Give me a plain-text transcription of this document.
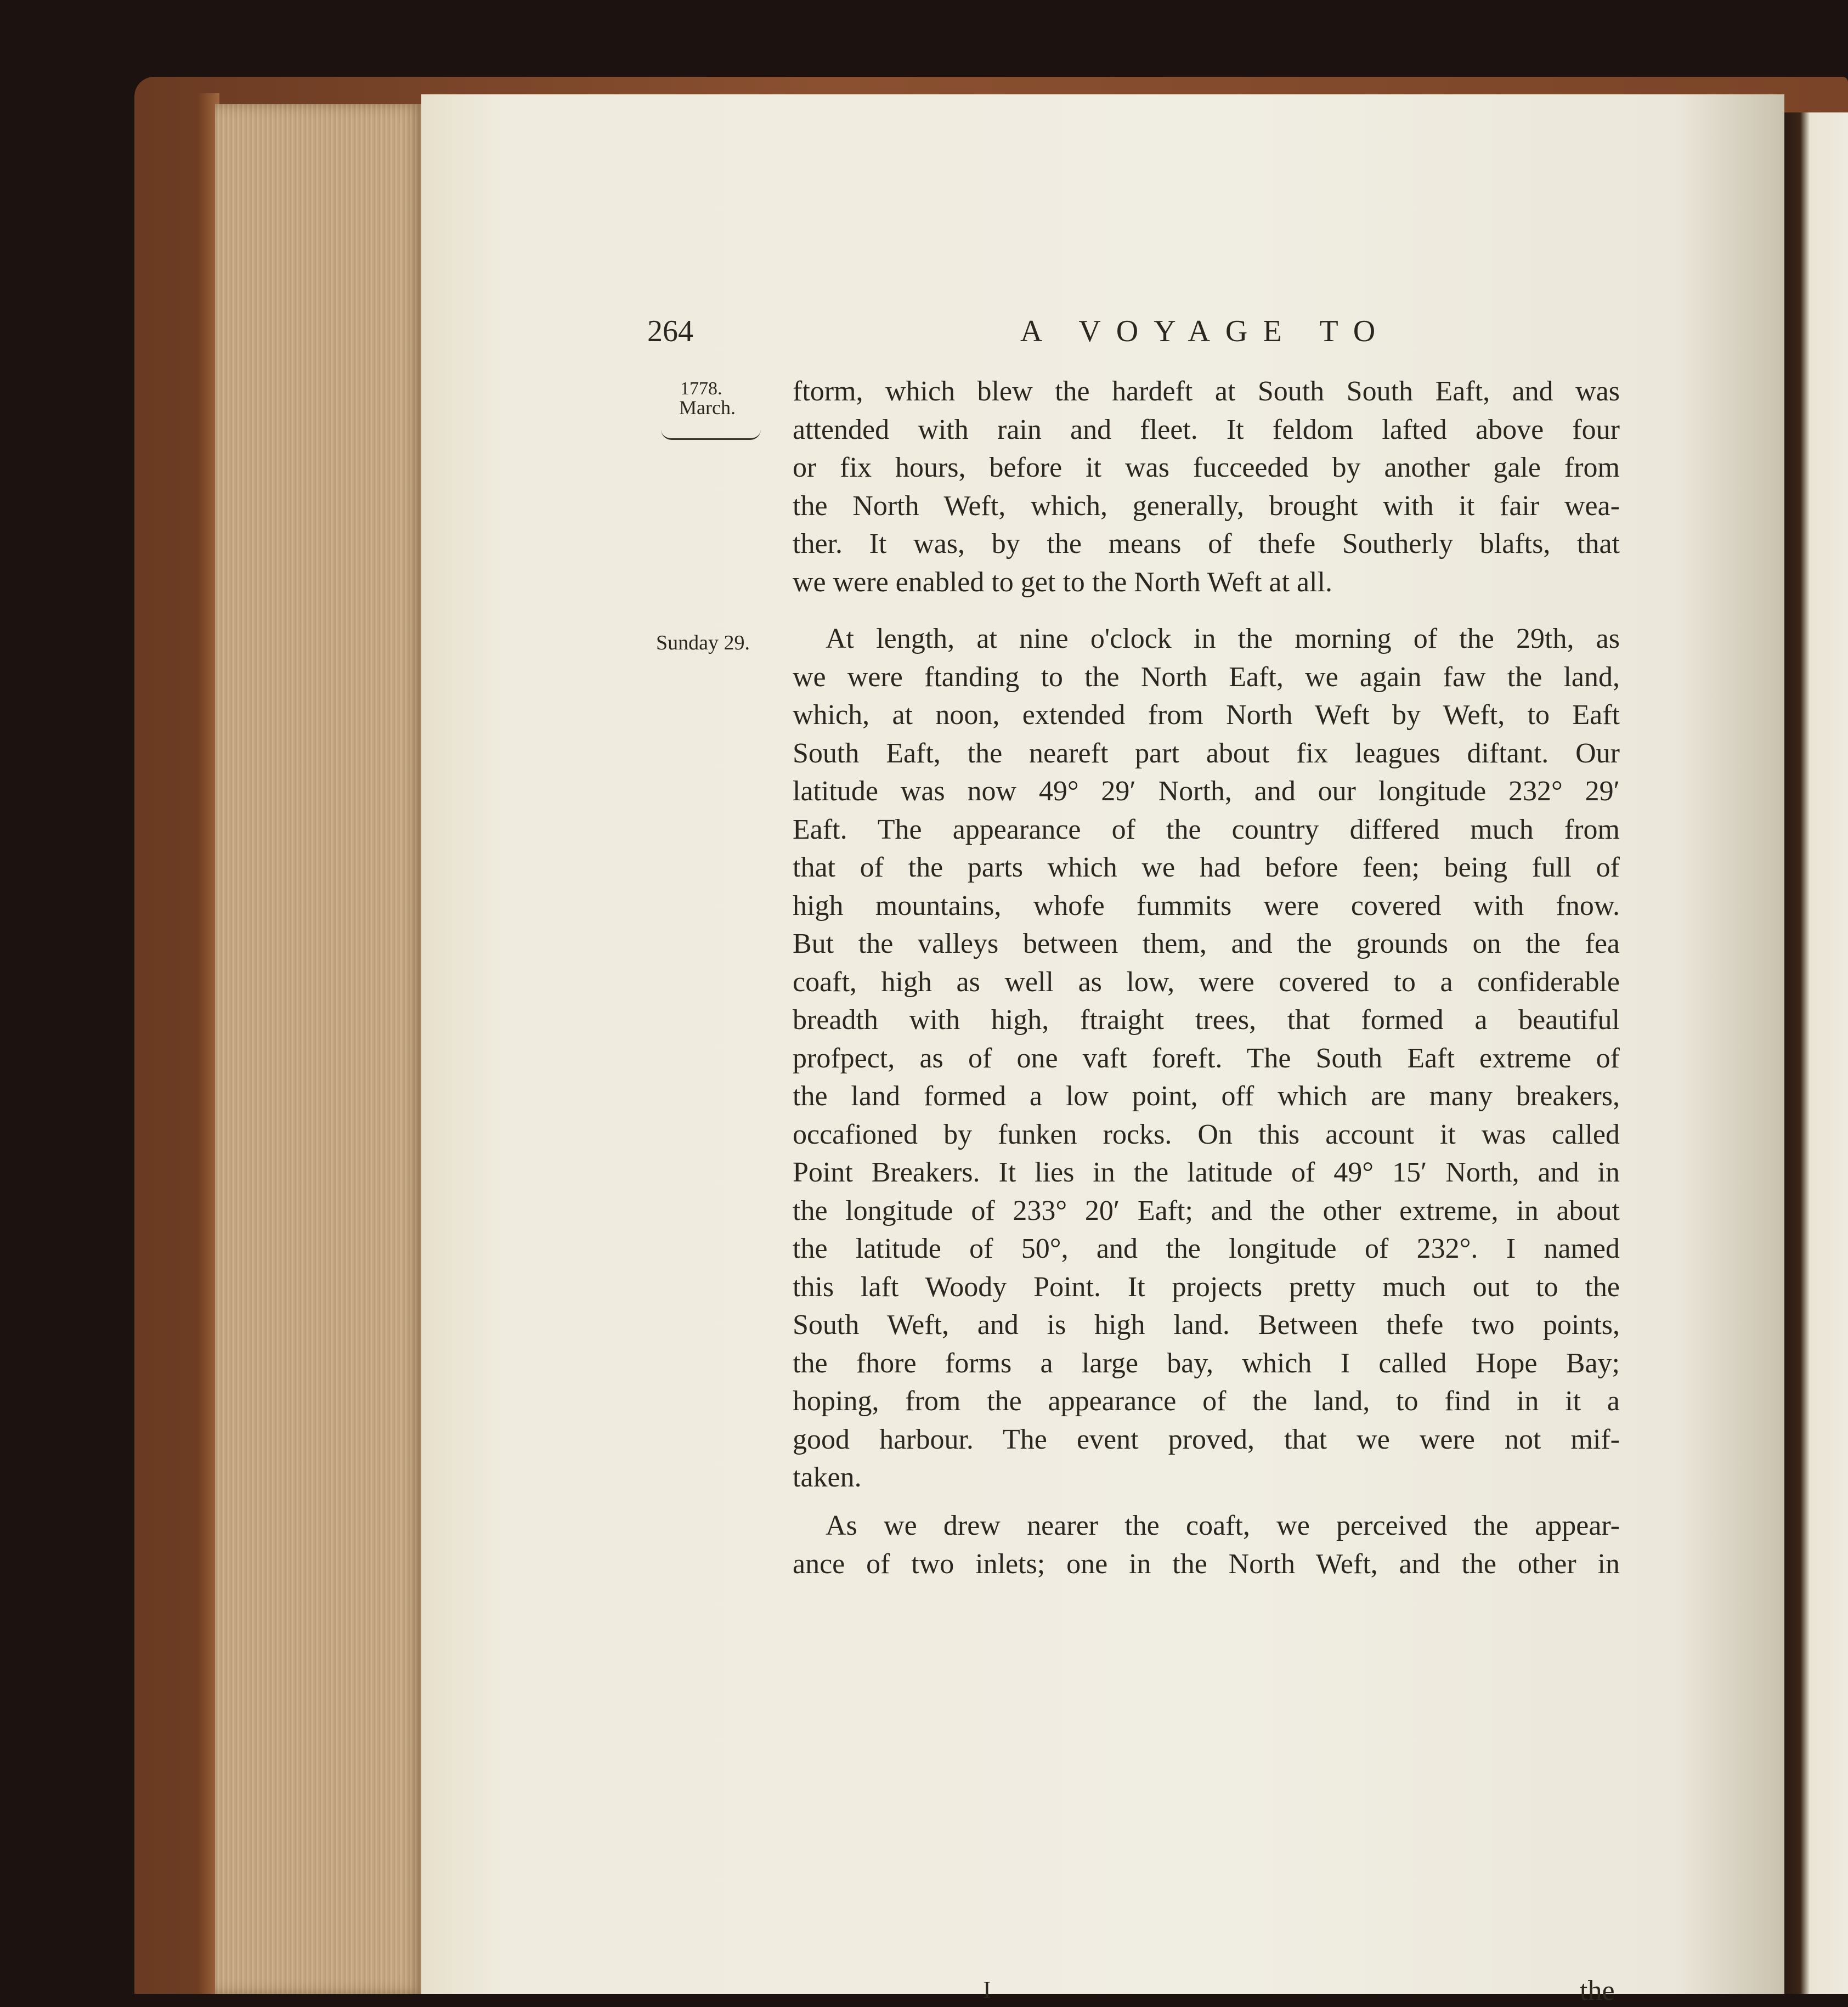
264	A VOYAGE TO
1778.
March.
Sunday 29.
ftorm, which blew the hardeft at South South Eaft, and was
attended with rain and fleet. It feldom lafted above four
or fix hours, before it was fucceeded by another gale from
the North Weft, which, generally, brought with it fair wea-
ther. It was, by the means of thefe Southerly blafts, that
we were enabled to get to the North Weft at all.
At length, at nine o'clock in the morning of the 29th, as
we were ftanding to the North Eaft, we again faw the land,
which, at noon, extended from North Weft by Weft, to Eaft
South Eaft, the neareft part about fix leagues diftant. Our
latitude was now 49° 29′ North, and our longitude 232° 29′
Eaft. The appearance of the country differed much from
that of the parts which we had before feen; being full of
high mountains, whofe fummits were covered with fnow.
But the valleys between them, and the grounds on the fea
coaft, high as well as low, were covered to a confiderable
breadth with high, ftraight trees, that formed a beautiful
profpect, as of one vaft foreft. The South Eaft extreme of
the land formed a low point, off which are many breakers,
occafioned by funken rocks. On this account it was called
Point Breakers. It lies in the latitude of 49° 15′ North, and in
the longitude of 233° 20′ Eaft; and the other extreme, in about
the latitude of 50°, and the longitude of 232°. I named
this laft Woody Point. It projects pretty much out to the
South Weft, and is high land. Between thefe two points,
the fhore forms a large bay, which I called Hope Bay;
hoping, from the appearance of the land, to find in it a
good harbour. The event proved, that we were not mif-
taken.
As we drew nearer the coaft, we perceived the appear-
ance of two inlets; one in the North Weft, and the other in
I	the
